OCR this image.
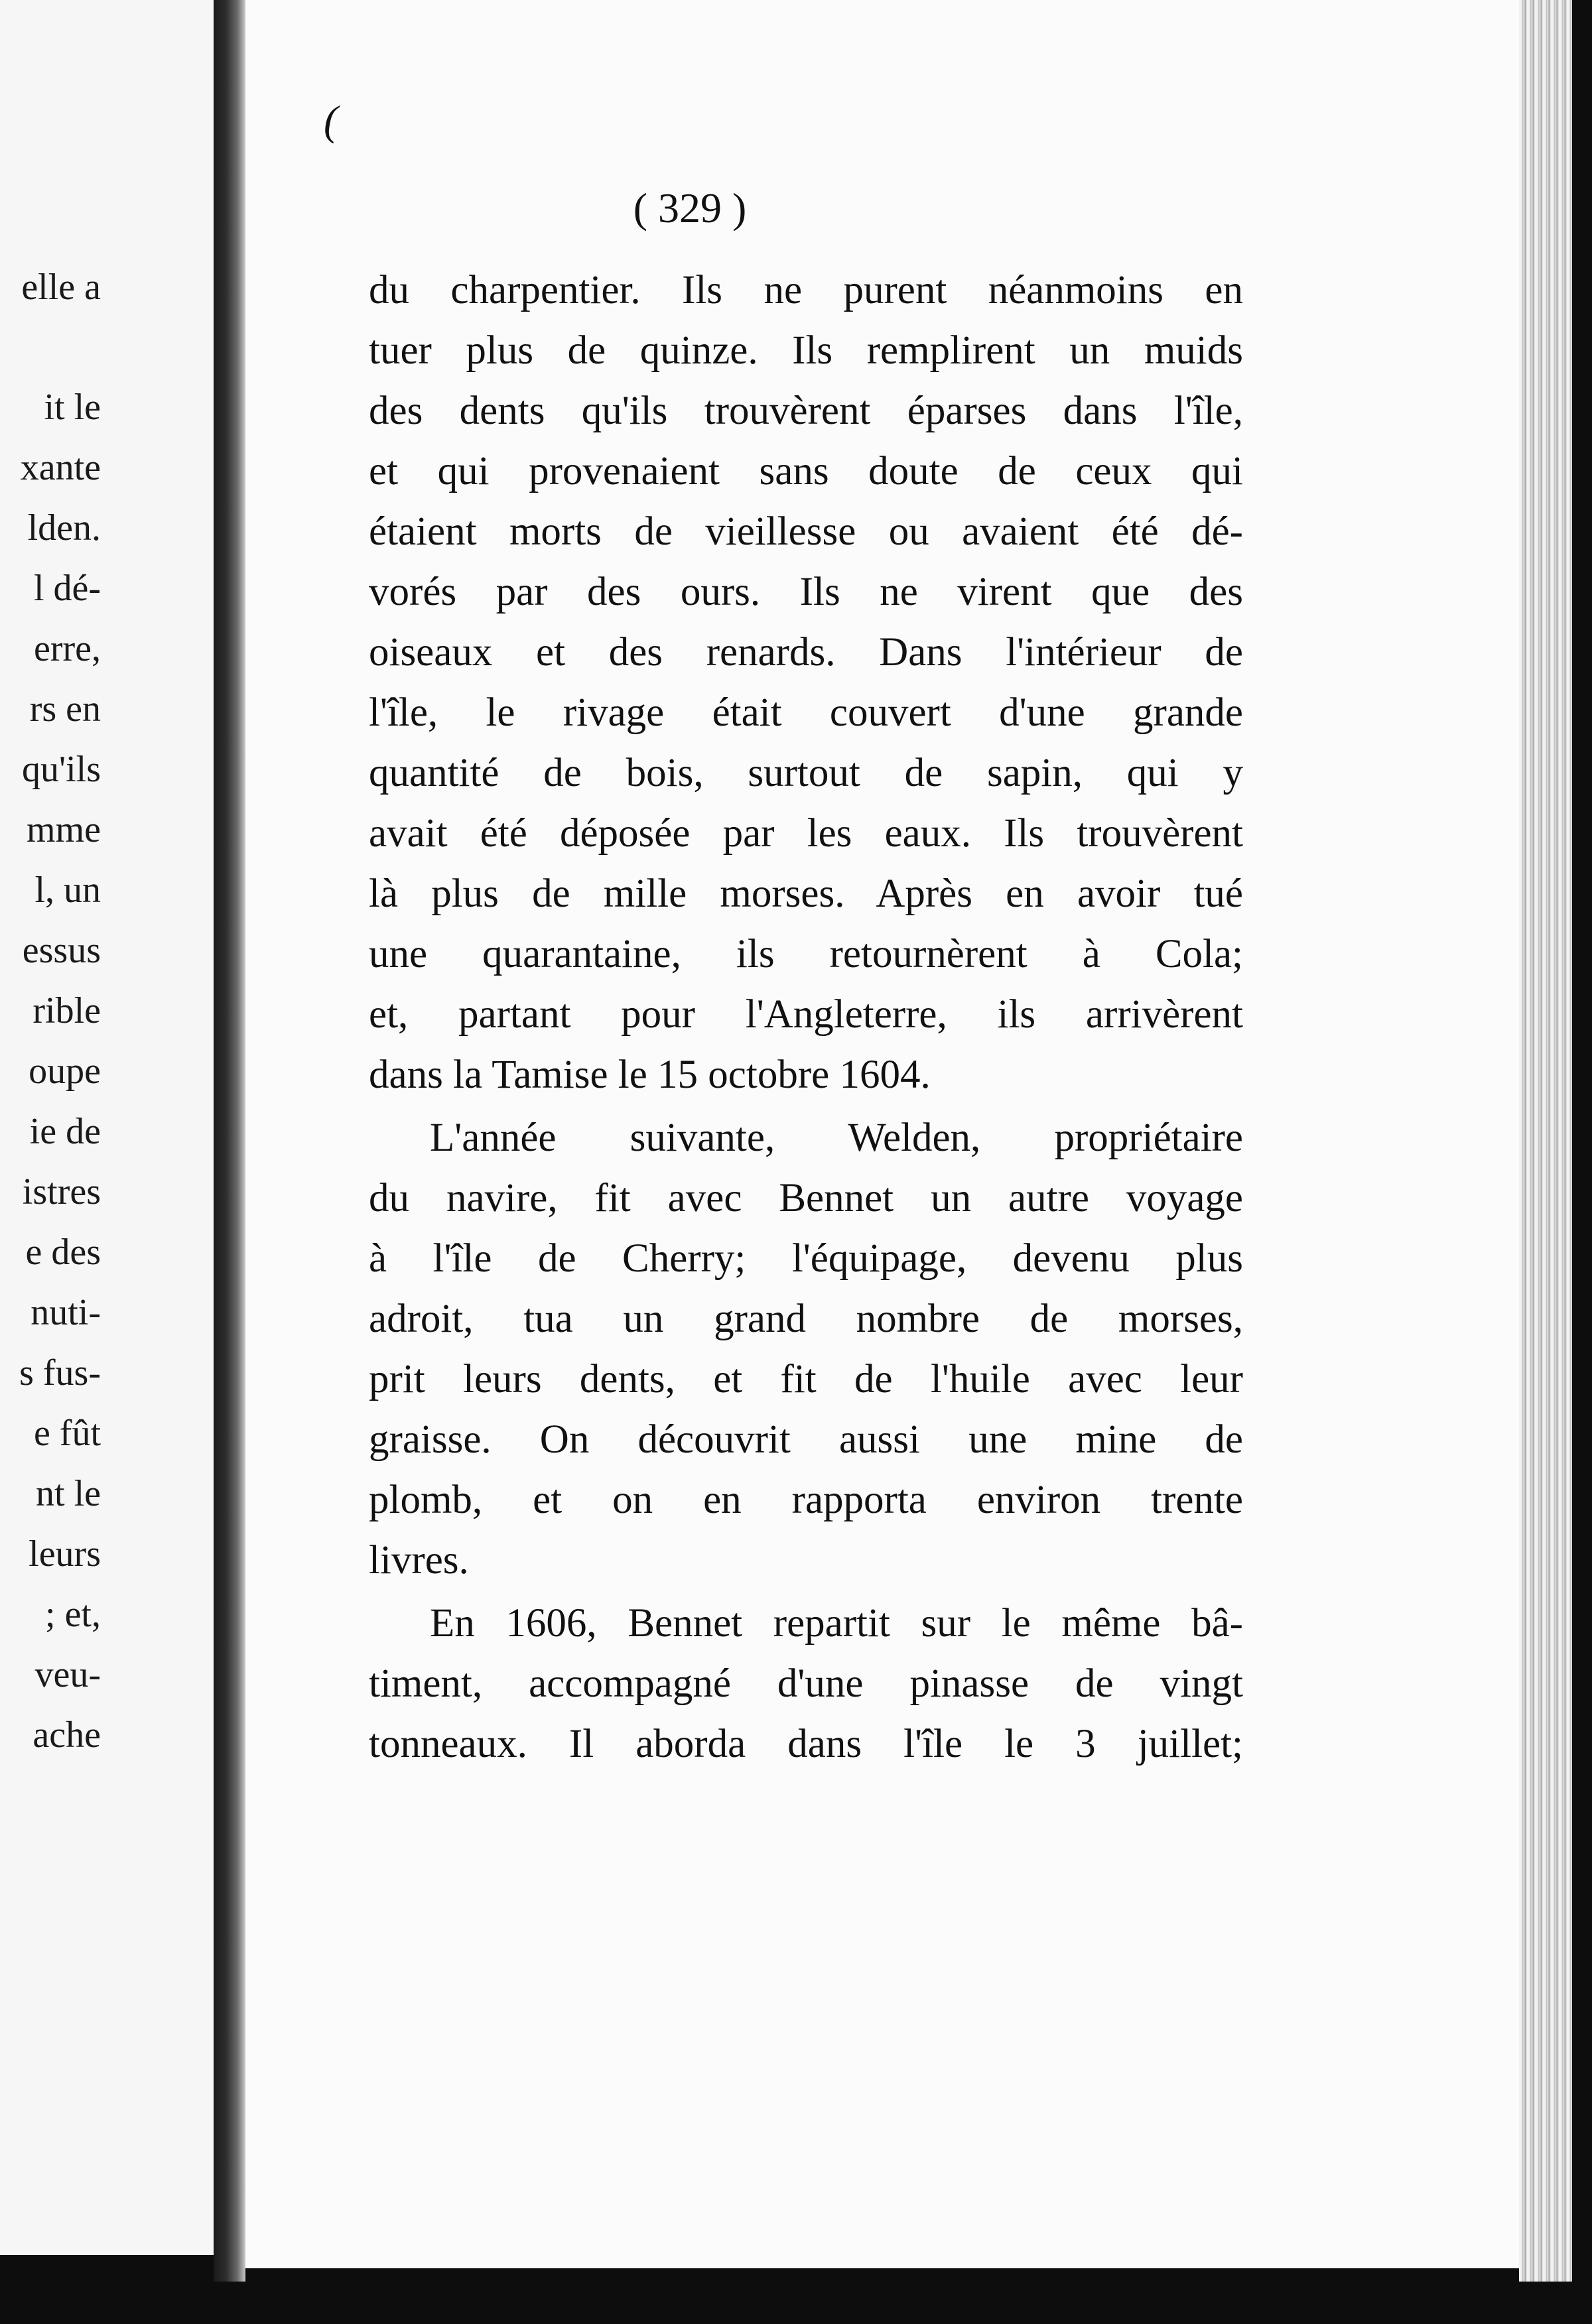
elle a

it le

xante

lden.

l dé-

erre,

rs en

qu'ils

mme

l, un

essus

rible

oupe

ie de

istres

e des

nuti-

s fus-

e fût

nt le

leurs

; et,

veu-

ache

(

( 329 )

du charpentier. Ils ne purent néanmoins en

tuer plus de quinze. Ils remplirent un muids

des dents qu'ils trouvèrent éparses dans l'île,

et qui provenaient sans doute de ceux qui

étaient morts de vieillesse ou avaient été dé-

vorés par des ours. Ils ne virent que des

oiseaux et des renards. Dans l'intérieur de

l'île, le rivage était couvert d'une grande

quantité de bois, surtout de sapin, qui y

avait été déposée par les eaux. Ils trouvèrent

là plus de mille morses. Après en avoir tué

une quarantaine, ils retournèrent à Cola;

et, partant pour l'Angleterre, ils arrivèrent

dans la Tamise le 15 octobre 1604.

L'année suivante, Welden, propriétaire

du navire, fit avec Bennet un autre voyage

à l'île de Cherry; l'équipage, devenu plus

adroit, tua un grand nombre de morses,

prit leurs dents, et fit de l'huile avec leur

graisse. On découvrit aussi une mine de

plomb, et on en rapporta environ trente

livres.

En 1606, Bennet repartit sur le même bâ-

timent, accompagné d'une pinasse de vingt

tonneaux. Il aborda dans l'île le 3 juillet;
